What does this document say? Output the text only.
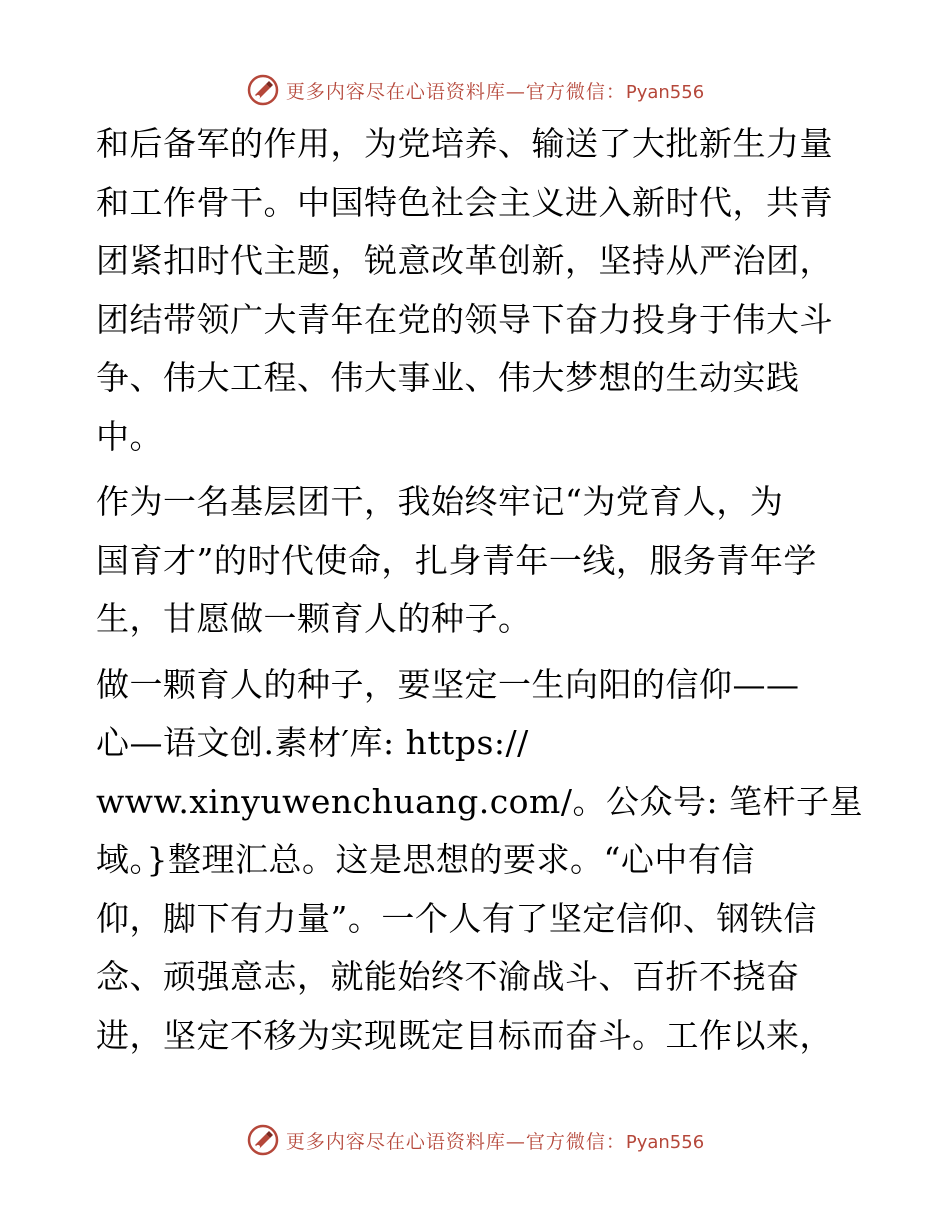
更多内容尽在心语资料库—官方微信：Pyan556
和后备军的作用，为党培养、输送了大批新生力量
和工作骨干。中国特色社会主义进入新时代，共青
团紧扣时代主题，锐意改革创新，坚持从严治团，
团结带领广大青年在党的领导下奋力投身于伟大斗
争、伟大工程、伟大事业、伟大梦想的生动实践
中。
作为一名基层团干，我始终牢记“为党育人，为
国育才”的时代使命，扎身青年一线，服务青年学
生，甘愿做一颗育人的种子。
做一颗育人的种子，要坚定一生向阳的信仰——
心—语文创.素材′库: https://
www.xinyuwenchuang.com/。公众号: 笔杆子星
域。}整理汇总。这是思想的要求。“心中有信
仰，脚下有力量”。一个人有了坚定信仰、钢铁信
念、顽强意志，就能始终不渝战斗、百折不挠奋
进，坚定不移为实现既定目标而奋斗。工作以来，
更多内容尽在心语资料库—官方微信：Pyan556
